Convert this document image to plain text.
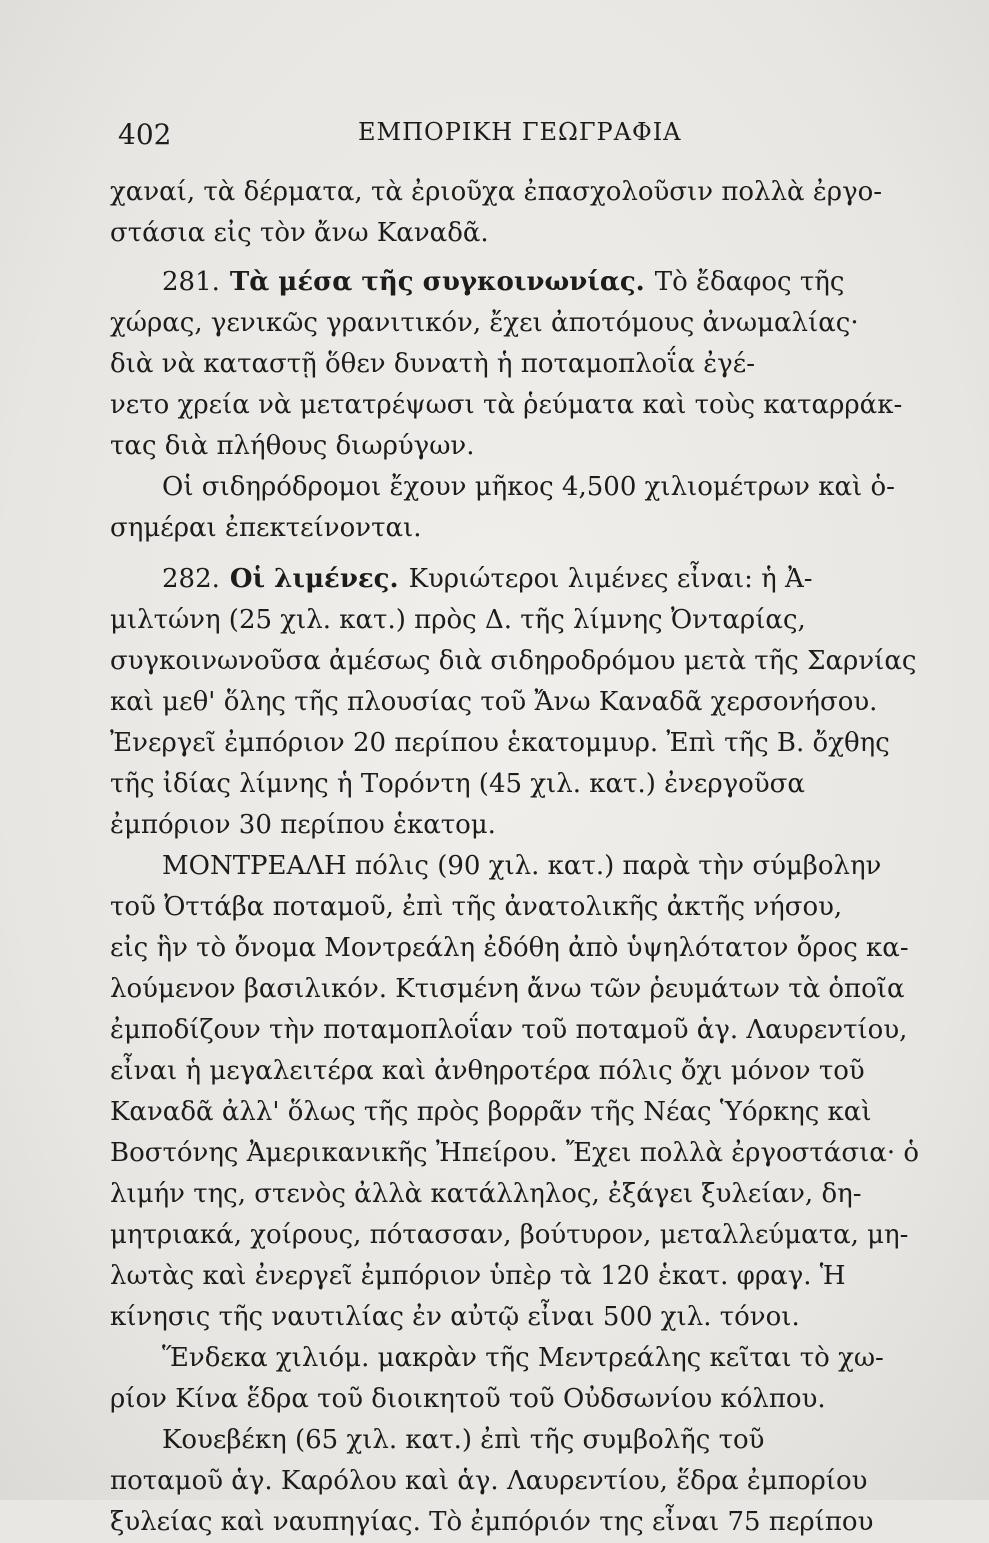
402	ΕΜΠΟΡΙΚΗ ΓΕΩΓΡΑΦΙΑ
χαναί, τὰ δέρματα, τὰ ἐριοῦχα ἐπασχολοῦσιν πολλὰ ἐργο-
στάσια εἰς τὸν ἄνω Καναδᾶ.
281. Τὰ μέσα τῆς συγκοινωνίας. Τὸ ἔδαφος τῆς
χώρας, γενικῶς γρανιτικόν, ἔχει ἀποτόμους ἀνωμαλίας·
διὰ νὰ καταστῇ ὅθεν δυνατὴ ἡ ποταμοπλοΐα ἐγέ-
νετο χρεία νὰ μετατρέψωσι τὰ ῥεύματα καὶ τοὺς καταρράκ-
τας διὰ πλήθους διωρύγων.
Οἱ σιδηρόδρομοι ἔχουν μῆκος 4,500 χιλιομέτρων καὶ ὁ-
σημέραι ἐπεκτείνονται.
282. Οἱ λιμένες. Κυριώτεροι λιμένες εἶναι: ἡ Ἀ-
μιλτώνη (25 χιλ. κατ.) πρὸς Δ. τῆς λίμνης Ὀνταρίας,
συγκοινωνοῦσα ἀμέσως διὰ σιδηροδρόμου μετὰ τῆς Σαρνίας
καὶ μεθ' ὅλης τῆς πλουσίας τοῦ Ἄνω Καναδᾶ χερσονήσου.
Ἐνεργεῖ ἐμπόριον 20 περίπου ἑκατομμυρ. Ἐπὶ τῆς Β. ὄχθης
τῆς ἰδίας λίμνης ἡ Τορόντη (45 χιλ. κατ.) ἐνεργοῦσα
ἐμπόριον 30 περίπου ἑκατομ.
ΜΟΝΤΡΕΑΛΗ πόλις (90 χιλ. κατ.) παρὰ τὴν σύμβολην
τοῦ Ὀττάβα ποταμοῦ, ἐπὶ τῆς ἀνατολικῆς ἀκτῆς νήσου,
εἰς ἣν τὸ ὄνομα Μοντρεάλη ἐδόθη ἀπὸ ὑψηλότατον ὄρος κα-
λούμενον βασιλικόν. Κτισμένη ἄνω τῶν ῥευμάτων τὰ ὁποῖα
ἐμποδίζουν τὴν ποταμοπλοΐαν τοῦ ποταμοῦ ἁγ. Λαυρεντίου,
εἶναι ἡ μεγαλειτέρα καὶ ἀνθηροτέρα πόλις ὄχι μόνον τοῦ
Καναδᾶ ἀλλ' ὅλως τῆς πρὸς βορρᾶν τῆς Νέας Ὑόρκης καὶ
Βοστόνης Ἀμερικανικῆς Ἠπείρου. Ἔχει πολλὰ ἐργοστάσια· ὁ
λιμήν της, στενὸς ἀλλὰ κατάλληλος, ἐξάγει ξυλείαν, δη-
μητριακά, χοίρους, πότασσαν, βούτυρον, μεταλλεύματα, μη-
λωτὰς καὶ ἐνεργεῖ ἐμπόριον ὑπὲρ τὰ 120 ἑκατ. φραγ. Ἡ
κίνησις τῆς ναυτιλίας ἐν αὐτῷ εἶναι 500 χιλ. τόνοι.
Ἕνδεκα χιλιόμ. μακρὰν τῆς Μεντρεάλης κεῖται τὸ χω-
ρίον Κίνα ἕδρα τοῦ διοικητοῦ τοῦ Οὐδσωνίου κόλπου.
Κουεβέκη (65 χιλ. κατ.) ἐπὶ τῆς συμβολῆς τοῦ
ποταμοῦ ἁγ. Καρόλου καὶ ἁγ. Λαυρεντίου, ἕδρα ἐμπορίου
ξυλείας καὶ ναυπηγίας. Τὸ ἐμπόριόν της εἶναι 75 περίπου
